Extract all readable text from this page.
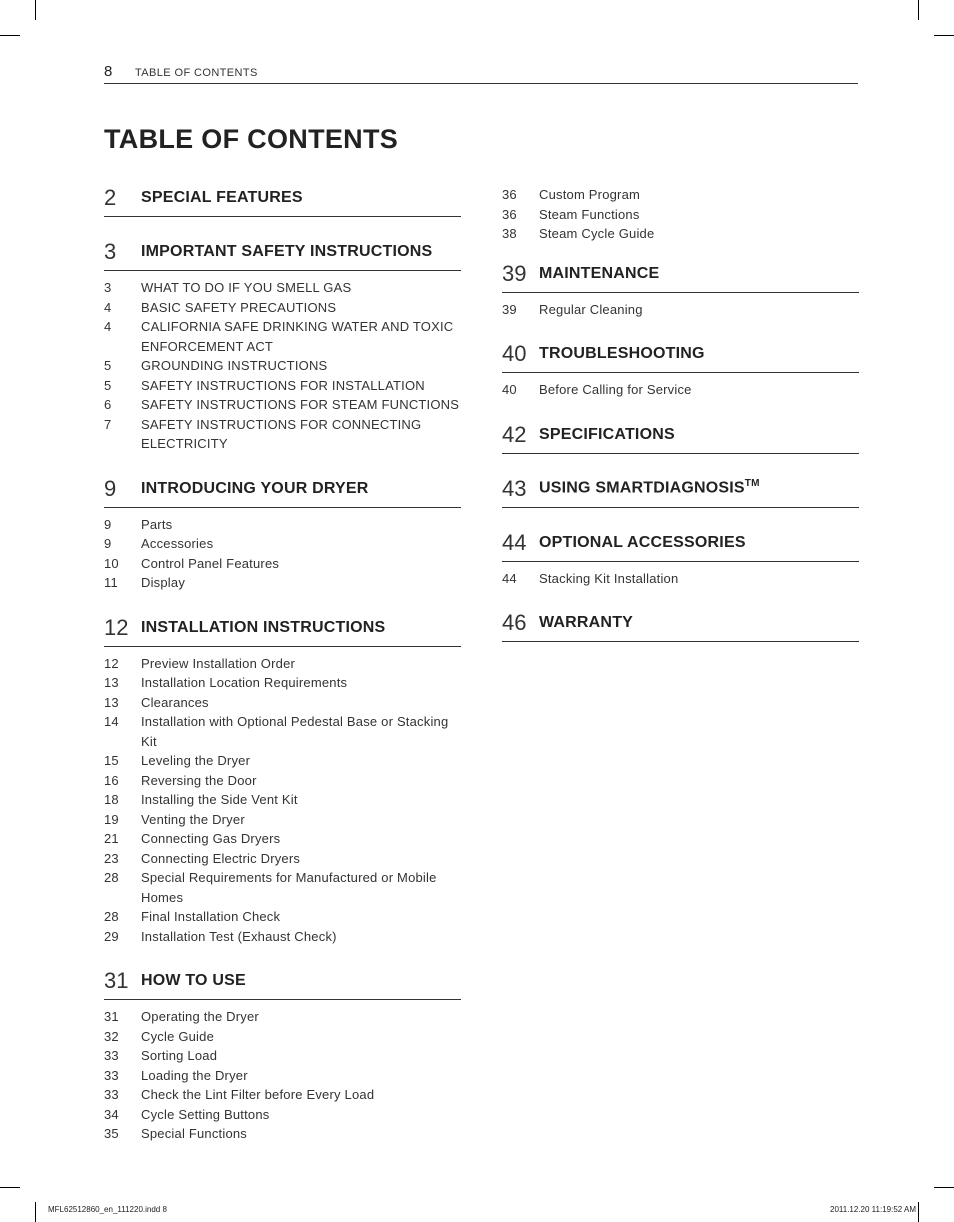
8 TABLE OF CONTENTS
TABLE OF CONTENTS
2 SPECIAL FEATURES
3 IMPORTANT SAFETY INSTRUCTIONS
3	WHAT TO DO IF YOU SMELL GAS
4	BASIC SAFETY PRECAUTIONS
4	CALIFORNIA SAFE DRINKING WATER AND TOXIC ENFORCEMENT ACT
5	GROUNDING INSTRUCTIONS
5	SAFETY INSTRUCTIONS FOR INSTALLATION
6	SAFETY INSTRUCTIONS FOR STEAM FUNCTIONS
7	SAFETY INSTRUCTIONS FOR CONNECTING ELECTRICITY
9 INTRODUCING YOUR DRYER
9	Parts
9	Accessories
10	Control Panel Features
11	Display
12 INSTALLATION INSTRUCTIONS
12	Preview Installation Order
13	Installation Location Requirements
13	Clearances
14	Installation with Optional Pedestal Base or Stacking Kit
15	Leveling the Dryer
16	Reversing the Door
18	Installing the Side Vent Kit
19	Venting the Dryer
21	Connecting Gas Dryers
23	Connecting Electric Dryers
28	Special Requirements for Manufactured or Mobile Homes
28	Final Installation Check
29	Installation Test (Exhaust Check)
31 HOW TO USE
31	Operating the Dryer
32	Cycle Guide
33	Sorting Load
33	Loading the Dryer
33	Check the Lint Filter before Every Load
34	Cycle Setting Buttons
35	Special Functions
36	Custom Program
36	Steam Functions
38	Steam Cycle Guide
39 MAINTENANCE
39	Regular Cleaning
40 TROUBLESHOOTING
40	Before Calling for Service
42 SPECIFICATIONS
43 USING SMARTDIAGNOSIS™
44 OPTIONAL ACCESSORIES
44	Stacking Kit Installation
46 WARRANTY
MFL62512860_en_111220.indd 8	2011.12.20 11:19:52 AM
